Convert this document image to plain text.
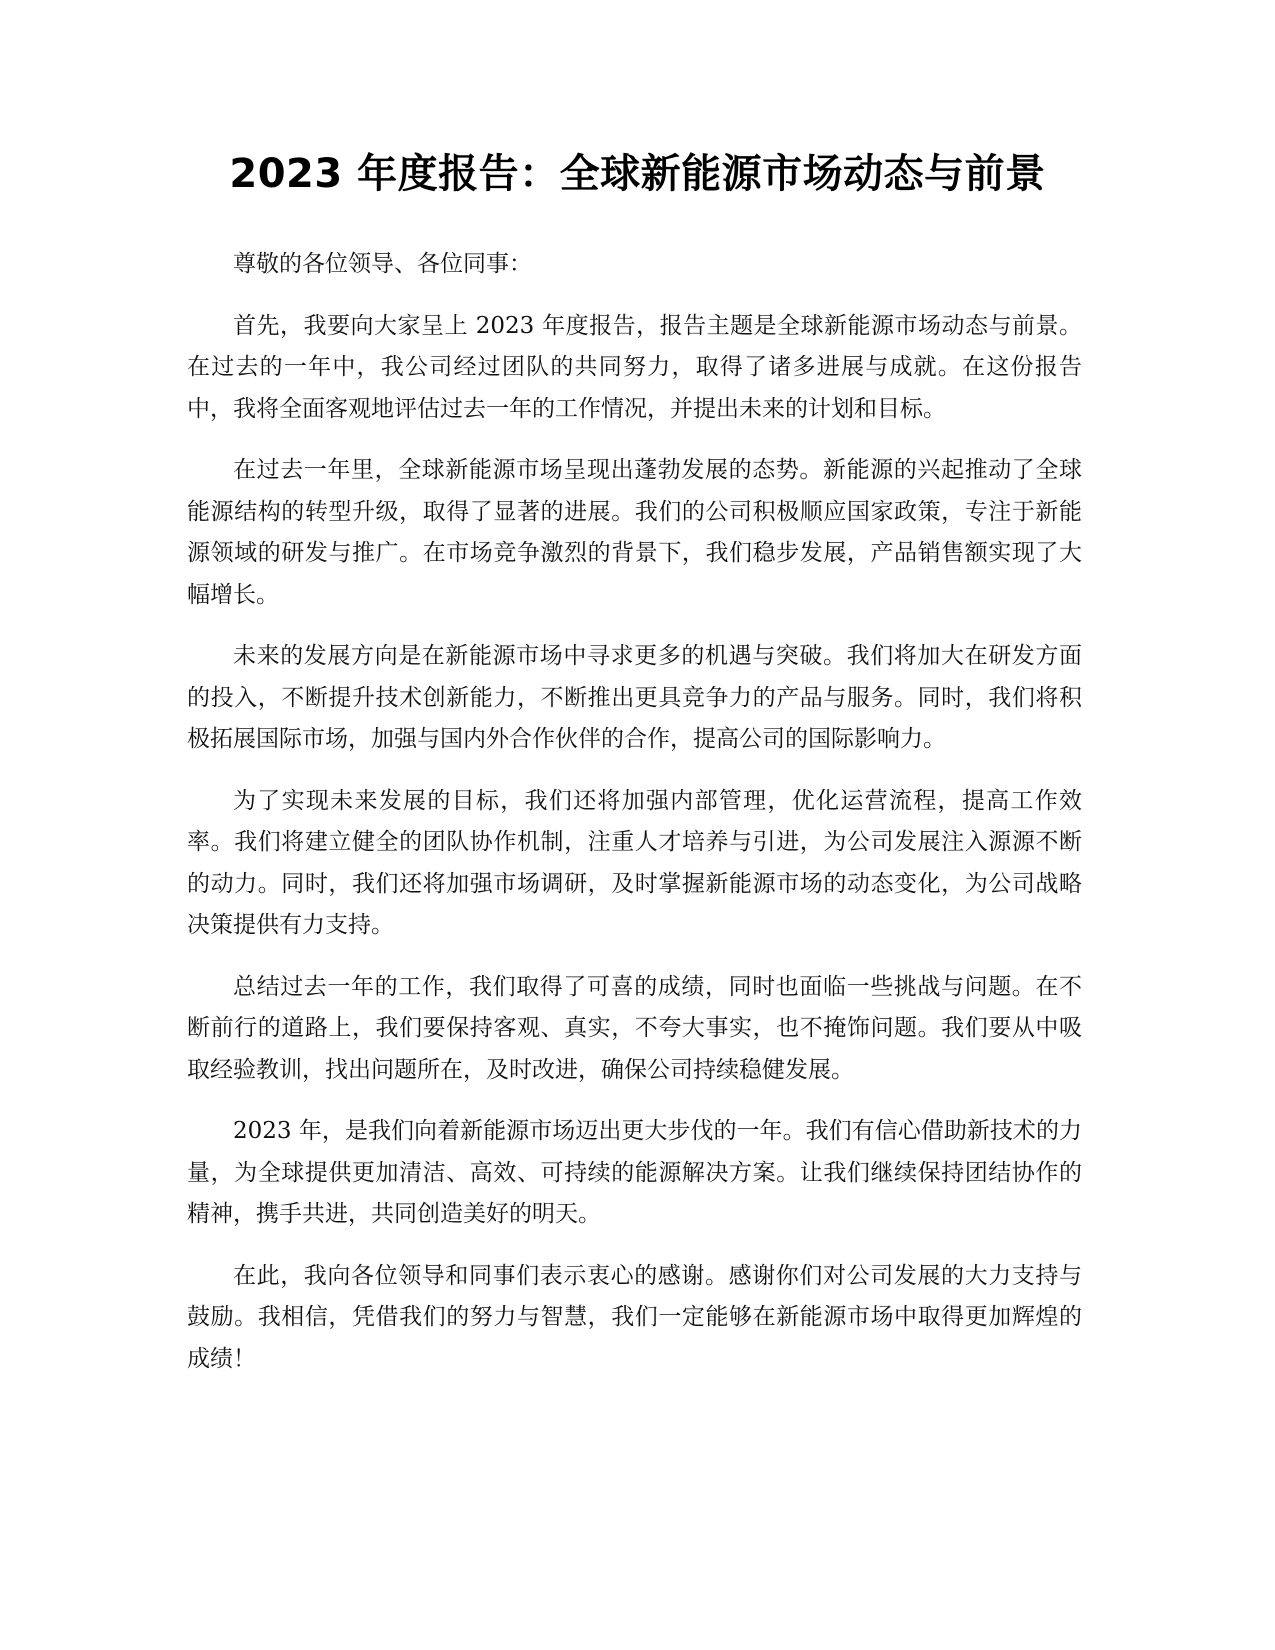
2023 年度报告：全球新能源市场动态与前景

尊敬的各位领导、各位同事：

首先，我要向大家呈上 2023 年度报告，报告主题是全球新能源市场动态与前景。在过去的一年中，我公司经过团队的共同努力，取得了诸多进展与成就。在这份报告中，我将全面客观地评估过去一年的工作情况，并提出未来的计划和目标。

在过去一年里，全球新能源市场呈现出蓬勃发展的态势。新能源的兴起推动了全球能源结构的转型升级，取得了显著的进展。我们的公司积极顺应国家政策，专注于新能源领域的研发与推广。在市场竞争激烈的背景下，我们稳步发展，产品销售额实现了大幅增长。

未来的发展方向是在新能源市场中寻求更多的机遇与突破。我们将加大在研发方面的投入，不断提升技术创新能力，不断推出更具竞争力的产品与服务。同时，我们将积极拓展国际市场，加强与国内外合作伙伴的合作，提高公司的国际影响力。

为了实现未来发展的目标，我们还将加强内部管理，优化运营流程，提高工作效率。我们将建立健全的团队协作机制，注重人才培养与引进，为公司发展注入源源不断的动力。同时，我们还将加强市场调研，及时掌握新能源市场的动态变化，为公司战略决策提供有力支持。

总结过去一年的工作，我们取得了可喜的成绩，同时也面临一些挑战与问题。在不断前行的道路上，我们要保持客观、真实，不夸大事实，也不掩饰问题。我们要从中吸取经验教训，找出问题所在，及时改进，确保公司持续稳健发展。

2023 年，是我们向着新能源市场迈出更大步伐的一年。我们有信心借助新技术的力量，为全球提供更加清洁、高效、可持续的能源解决方案。让我们继续保持团结协作的精神，携手共进，共同创造美好的明天。

在此，我向各位领导和同事们表示衷心的感谢。感谢你们对公司发展的大力支持与鼓励。我相信，凭借我们的努力与智慧，我们一定能够在新能源市场中取得更加辉煌的成绩！
